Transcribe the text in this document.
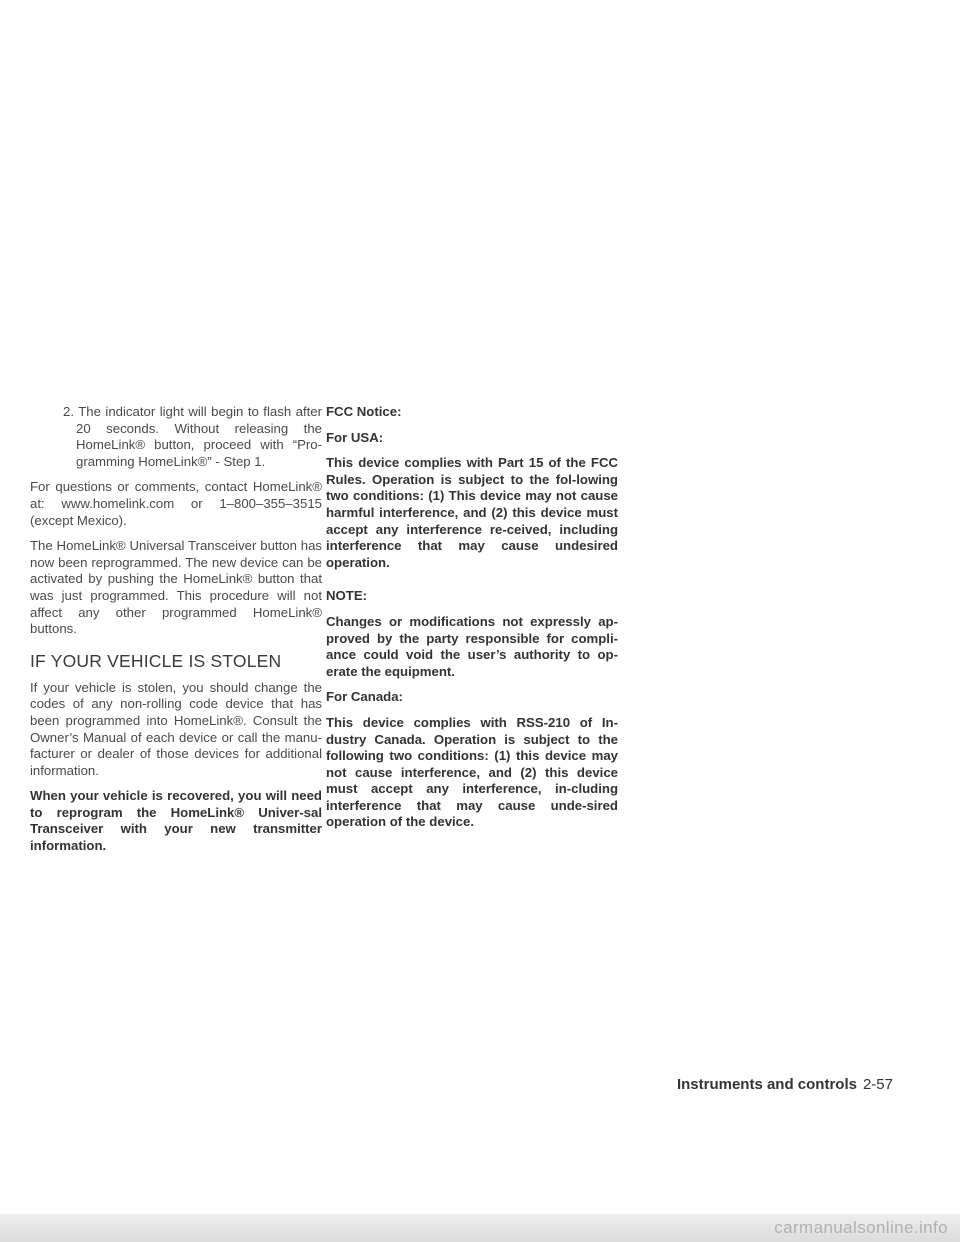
2. The indicator light will begin to flash after 20 seconds. Without releasing the HomeLink® button, proceed with “Pro-gramming HomeLink®” - Step 1.

For questions or comments, contact HomeLink® at: www.homelink.com or 1–800–355–3515 (except Mexico).

The HomeLink® Universal Transceiver button has now been reprogrammed. The new device can be activated by pushing the HomeLink® button that was just programmed. This procedure will not affect any other programmed HomeLink® buttons.

IF YOUR VEHICLE IS STOLEN

If your vehicle is stolen, you should change the codes of any non-rolling code device that has been programmed into HomeLink®. Consult the Owner’s Manual of each device or call the manu-facturer or dealer of those devices for additional information.

When your vehicle is recovered, you will need to reprogram the HomeLink® Univer-sal Transceiver with your new transmitter information.

FCC Notice:

For USA:

This device complies with Part 15 of the FCC Rules. Operation is subject to the fol-lowing two conditions: (1) This device may not cause harmful interference, and (2) this device must accept any interference re-ceived, including interference that may cause undesired operation.

NOTE:

Changes or modifications not expressly ap-proved by the party responsible for compli-ance could void the user’s authority to op-erate the equipment.

For Canada:

This device complies with RSS-210 of In-dustry Canada. Operation is subject to the following two conditions: (1) this device may not cause interference, and (2) this device must accept any interference, in-cluding interference that may cause unde-sired operation of the device.

Instruments and controls 2-57
carmanualsonline.info
